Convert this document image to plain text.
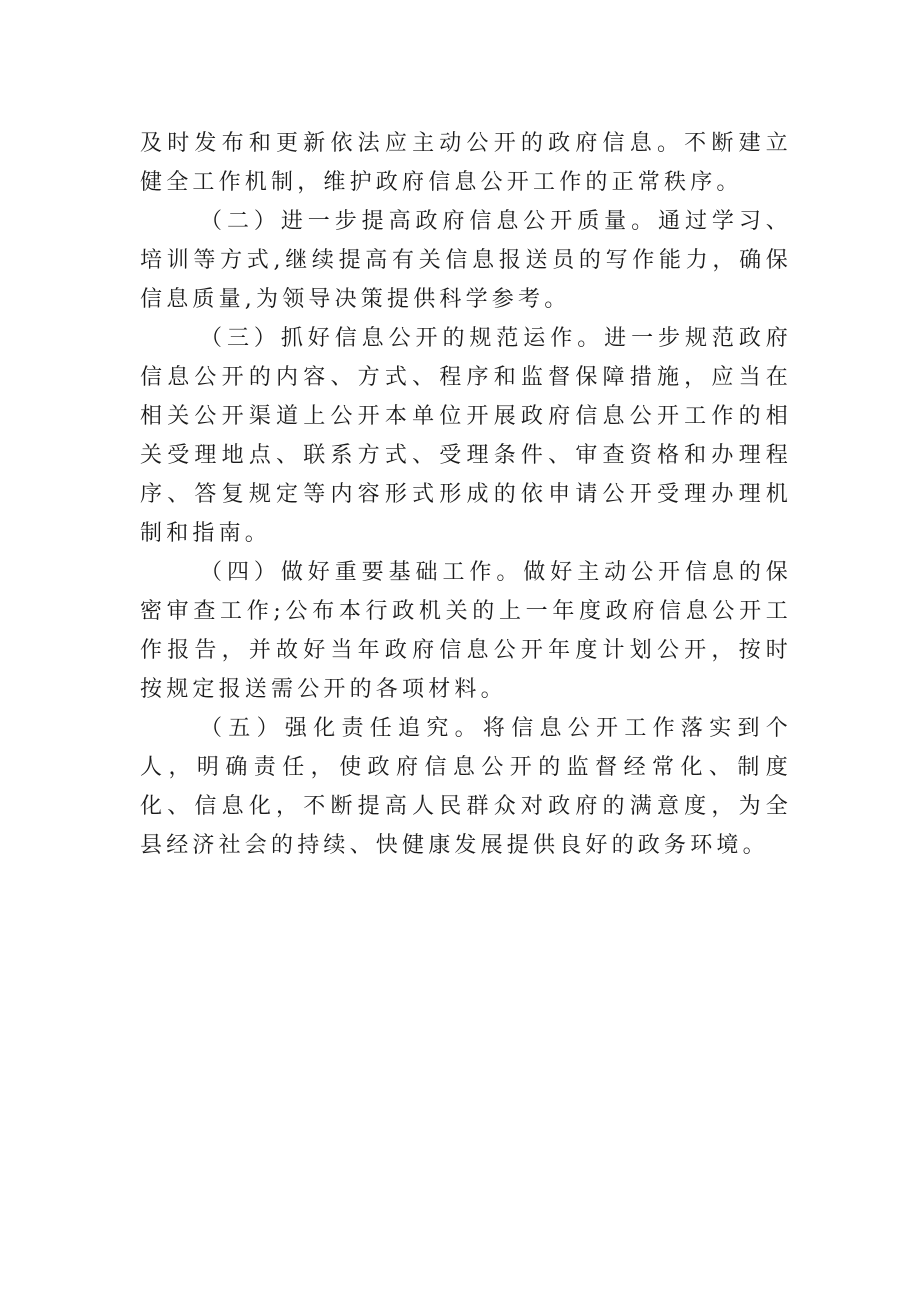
及时发布和更新依法应主动公开的政府信息。不断建立健全工作机制，维护政府信息公开工作的正常秩序。

（二）进一步提高政府信息公开质量。通过学习、培训等方式,继续提高有关信息报送员的写作能力，确保信息质量,为领导决策提供科学参考。

（三）抓好信息公开的规范运作。进一步规范政府信息公开的内容、方式、程序和监督保障措施，应当在相关公开渠道上公开本单位开展政府信息公开工作的相关受理地点、联系方式、受理条件、审查资格和办理程序、答复规定等内容形式形成的依申请公开受理办理机制和指南。

（四）做好重要基础工作。做好主动公开信息的保密审查工作;公布本行政机关的上一年度政府信息公开工作报告，并故好当年政府信息公开年度计划公开，按时按规定报送需公开的各项材料。

（五）强化责任追究。将信息公开工作落实到个人，明确责任，使政府信息公开的监督经常化、制度化、信息化，不断提高人民群众对政府的满意度，为全县经济社会的持续、快健康发展提供良好的政务环境。
